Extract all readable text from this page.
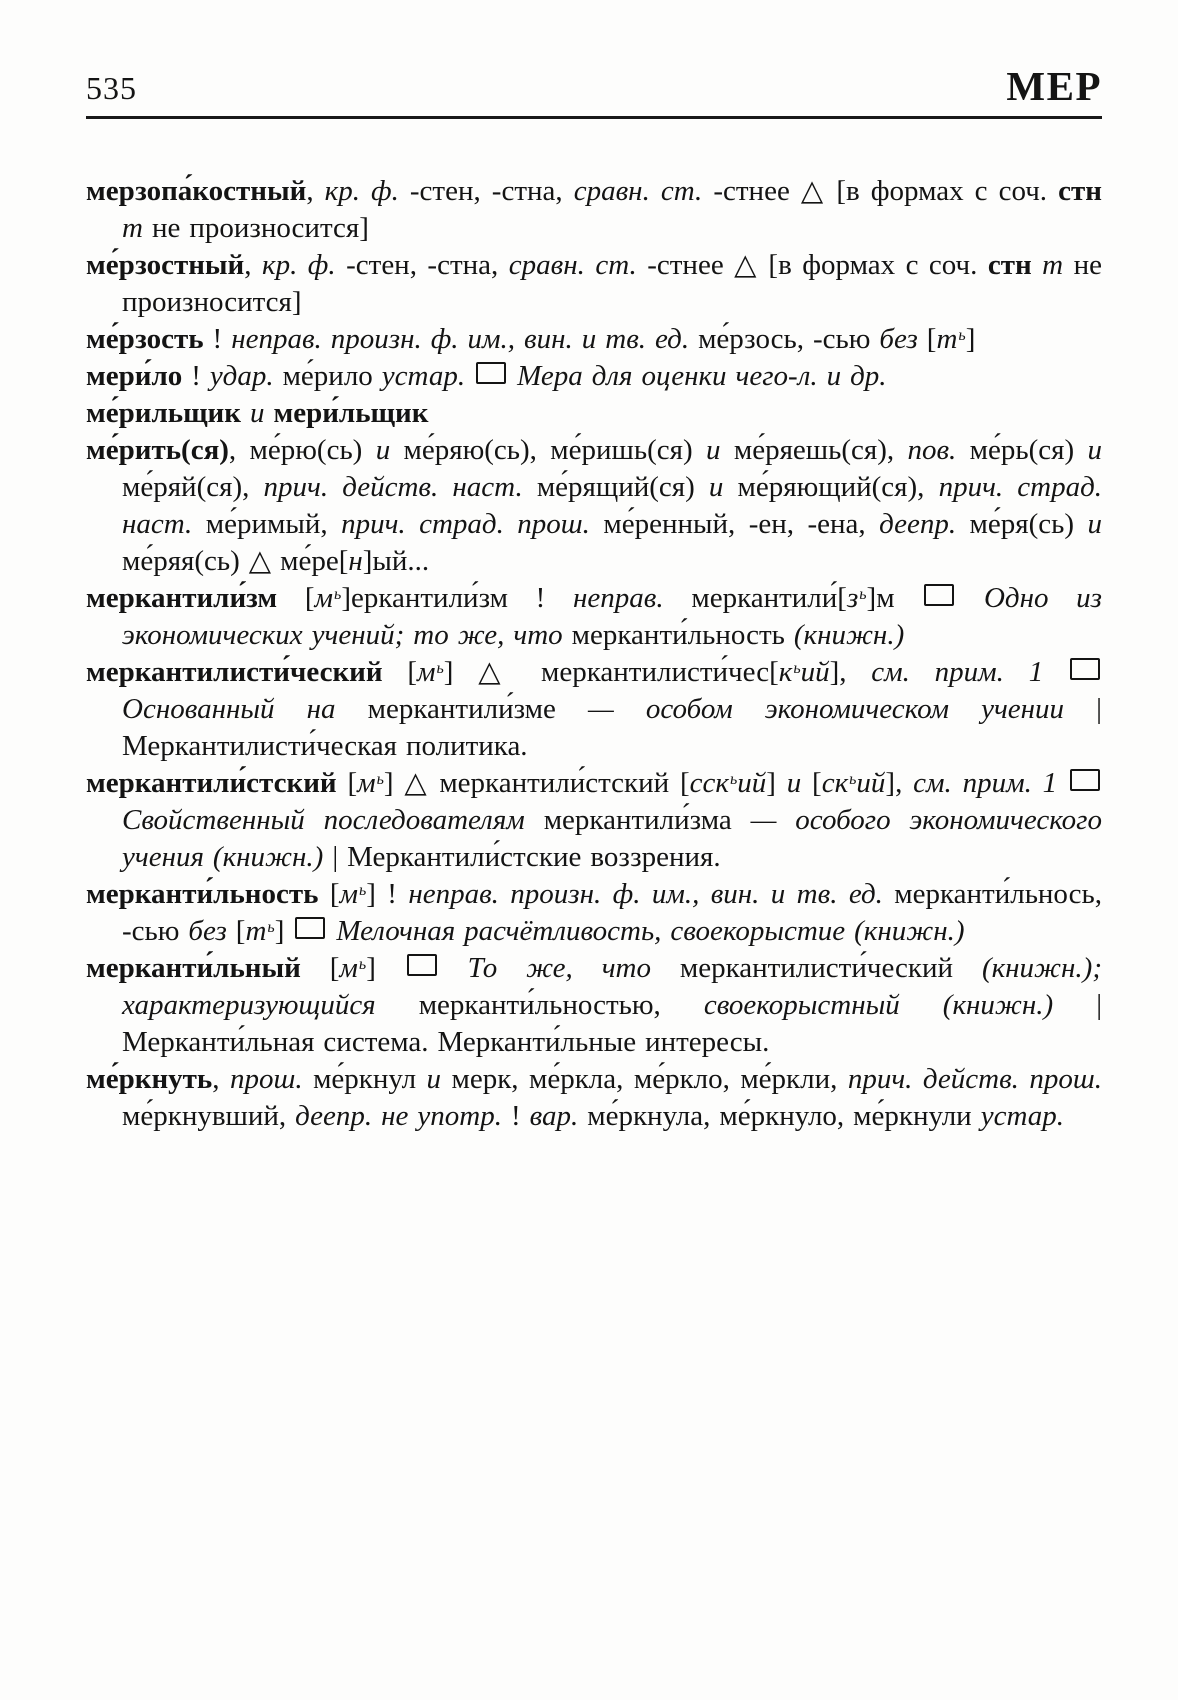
535	МЕР

мерзопа́костный, кр. ф. -стен, -стна, сравн. ст. -стнее △ [в формах с соч. стн т не произносится]

ме́рзостный, кр. ф. -стен, -стна, сравн. ст. -стнее △ [в формах с соч. стн т не произносится]

ме́рзость ! неправ. произн. ф. им., вин. и тв. ед. ме́рзось, -сью без $[т^ь]$

мери́ло ! удар. ме́рило устар. Мера для оценки чего-л. и др.

ме́рильщик и мери́льщик

ме́рить(ся), ме́рю(сь) и ме́ряю(сь), ме́ришь(ся) и ме́ряешь(ся), пов. ме́рь(ся) и ме́ряй(ся), прич. действ. наст. ме́рящий(ся) и ме́ряющий(ся), прич. страд. наст. ме́римый, прич. страд. прош. ме́ренный, -ен, -ена, деепр. ме́ря(сь) и ме́ряя(сь) △ ме́ре[н]ый...

меркантили́зм $[м^ь]еркантили́зм$ ! неправ. $меркантили́[з^ь]м$  Одно из экономических учений; то же, что мерканти́льность (книжн.)

меркантилисти́ческий $[м^ь]$ △ $меркантилисти́чес[к^ьий]$, см. прим. 1  Основанный на меркантили́зме — особом экономическом учении | Меркантилисти́ческая политика.

меркантили́стский $[м^ь]$ △ меркантили́стский [сск$^ь$ий] и $[ск^ьий]$, см. прим. 1  Свойственный последователям меркантили́зма — особого экономического учения (книжн.) | Меркантили́стские воззрения.

мерканти́льность $[м^ь]$ ! неправ. произн. ф. им., вин. и тв. ед. мерканти́льнось, -сью без $[т^ь]$  Мелочная расчётливость, своекорыстие (книжн.)

мерканти́льный $[м^ь]$  То же, что меркантилисти́ческий (книжн.); характеризующийся мерканти́льностью, своекорыстный (книжн.) | Мерканти́льная система. Мерканти́льные интересы.

ме́ркнуть, прош. ме́ркнул и мерк, ме́ркла, ме́ркло, ме́ркли, прич. действ. прош. ме́ркнувший, деепр. не употр. ! вар. ме́ркнула, ме́ркнуло, ме́ркнули устар.
